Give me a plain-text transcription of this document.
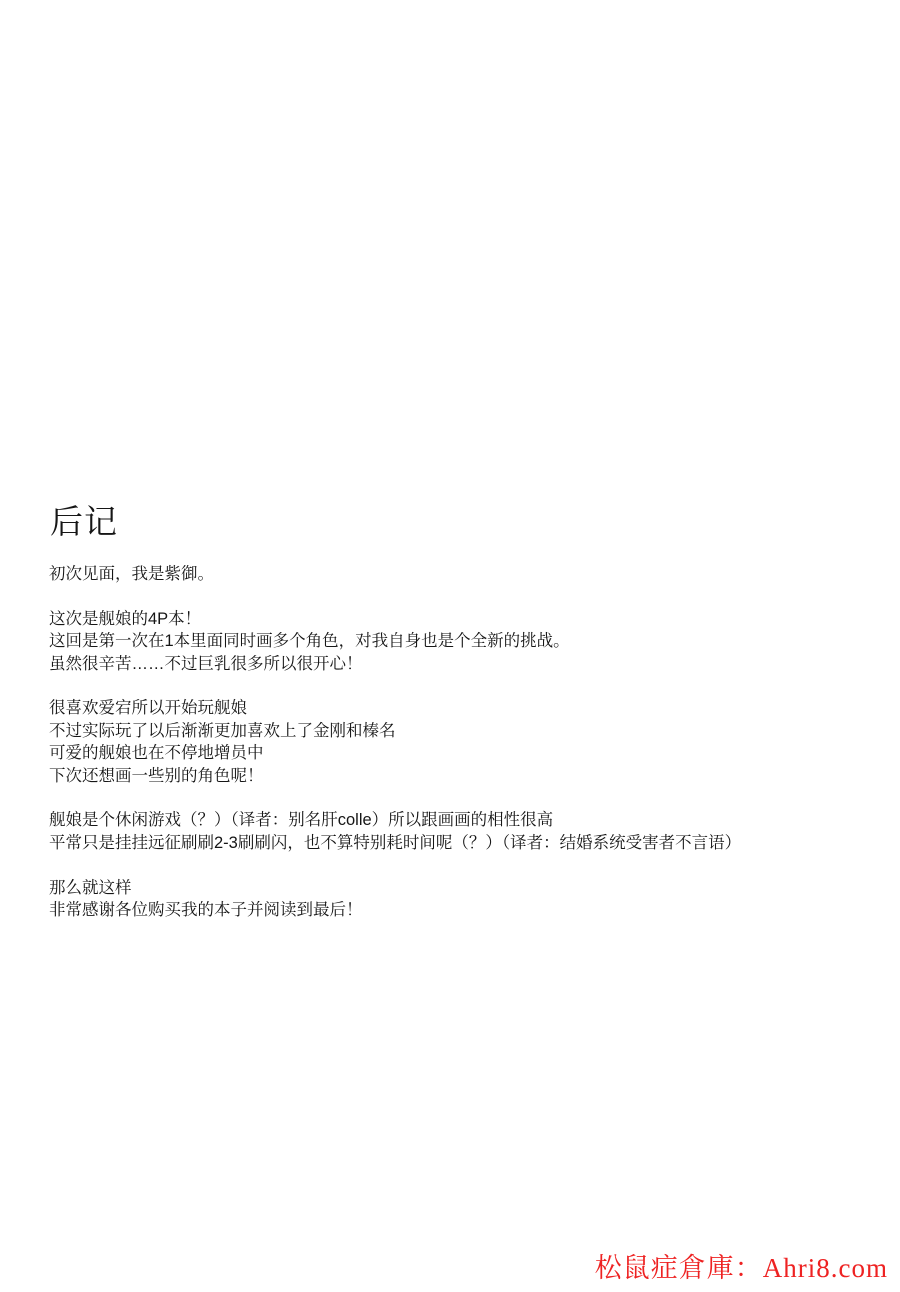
后记
初次见面，我是紫御。
这次是舰娘的4P本！
这回是第一次在1本里面同时画多个角色，对我自身也是个全新的挑战。
虽然很辛苦……不过巨乳很多所以很开心！
很喜欢爱宕所以开始玩舰娘
不过实际玩了以后渐渐更加喜欢上了金刚和榛名
可爱的舰娘也在不停地增员中
下次还想画一些别的角色呢！
舰娘是个休闲游戏（？）（译者：别名肝colle）所以跟画画的相性很高
平常只是挂挂远征刷刷2-3刷刷闪，也不算特别耗时间呢（？）（译者：结婚系统受害者不言语）
那么就这样
非常感谢各位购买我的本子并阅读到最后！
松鼠症倉庫：Ahri8.com
